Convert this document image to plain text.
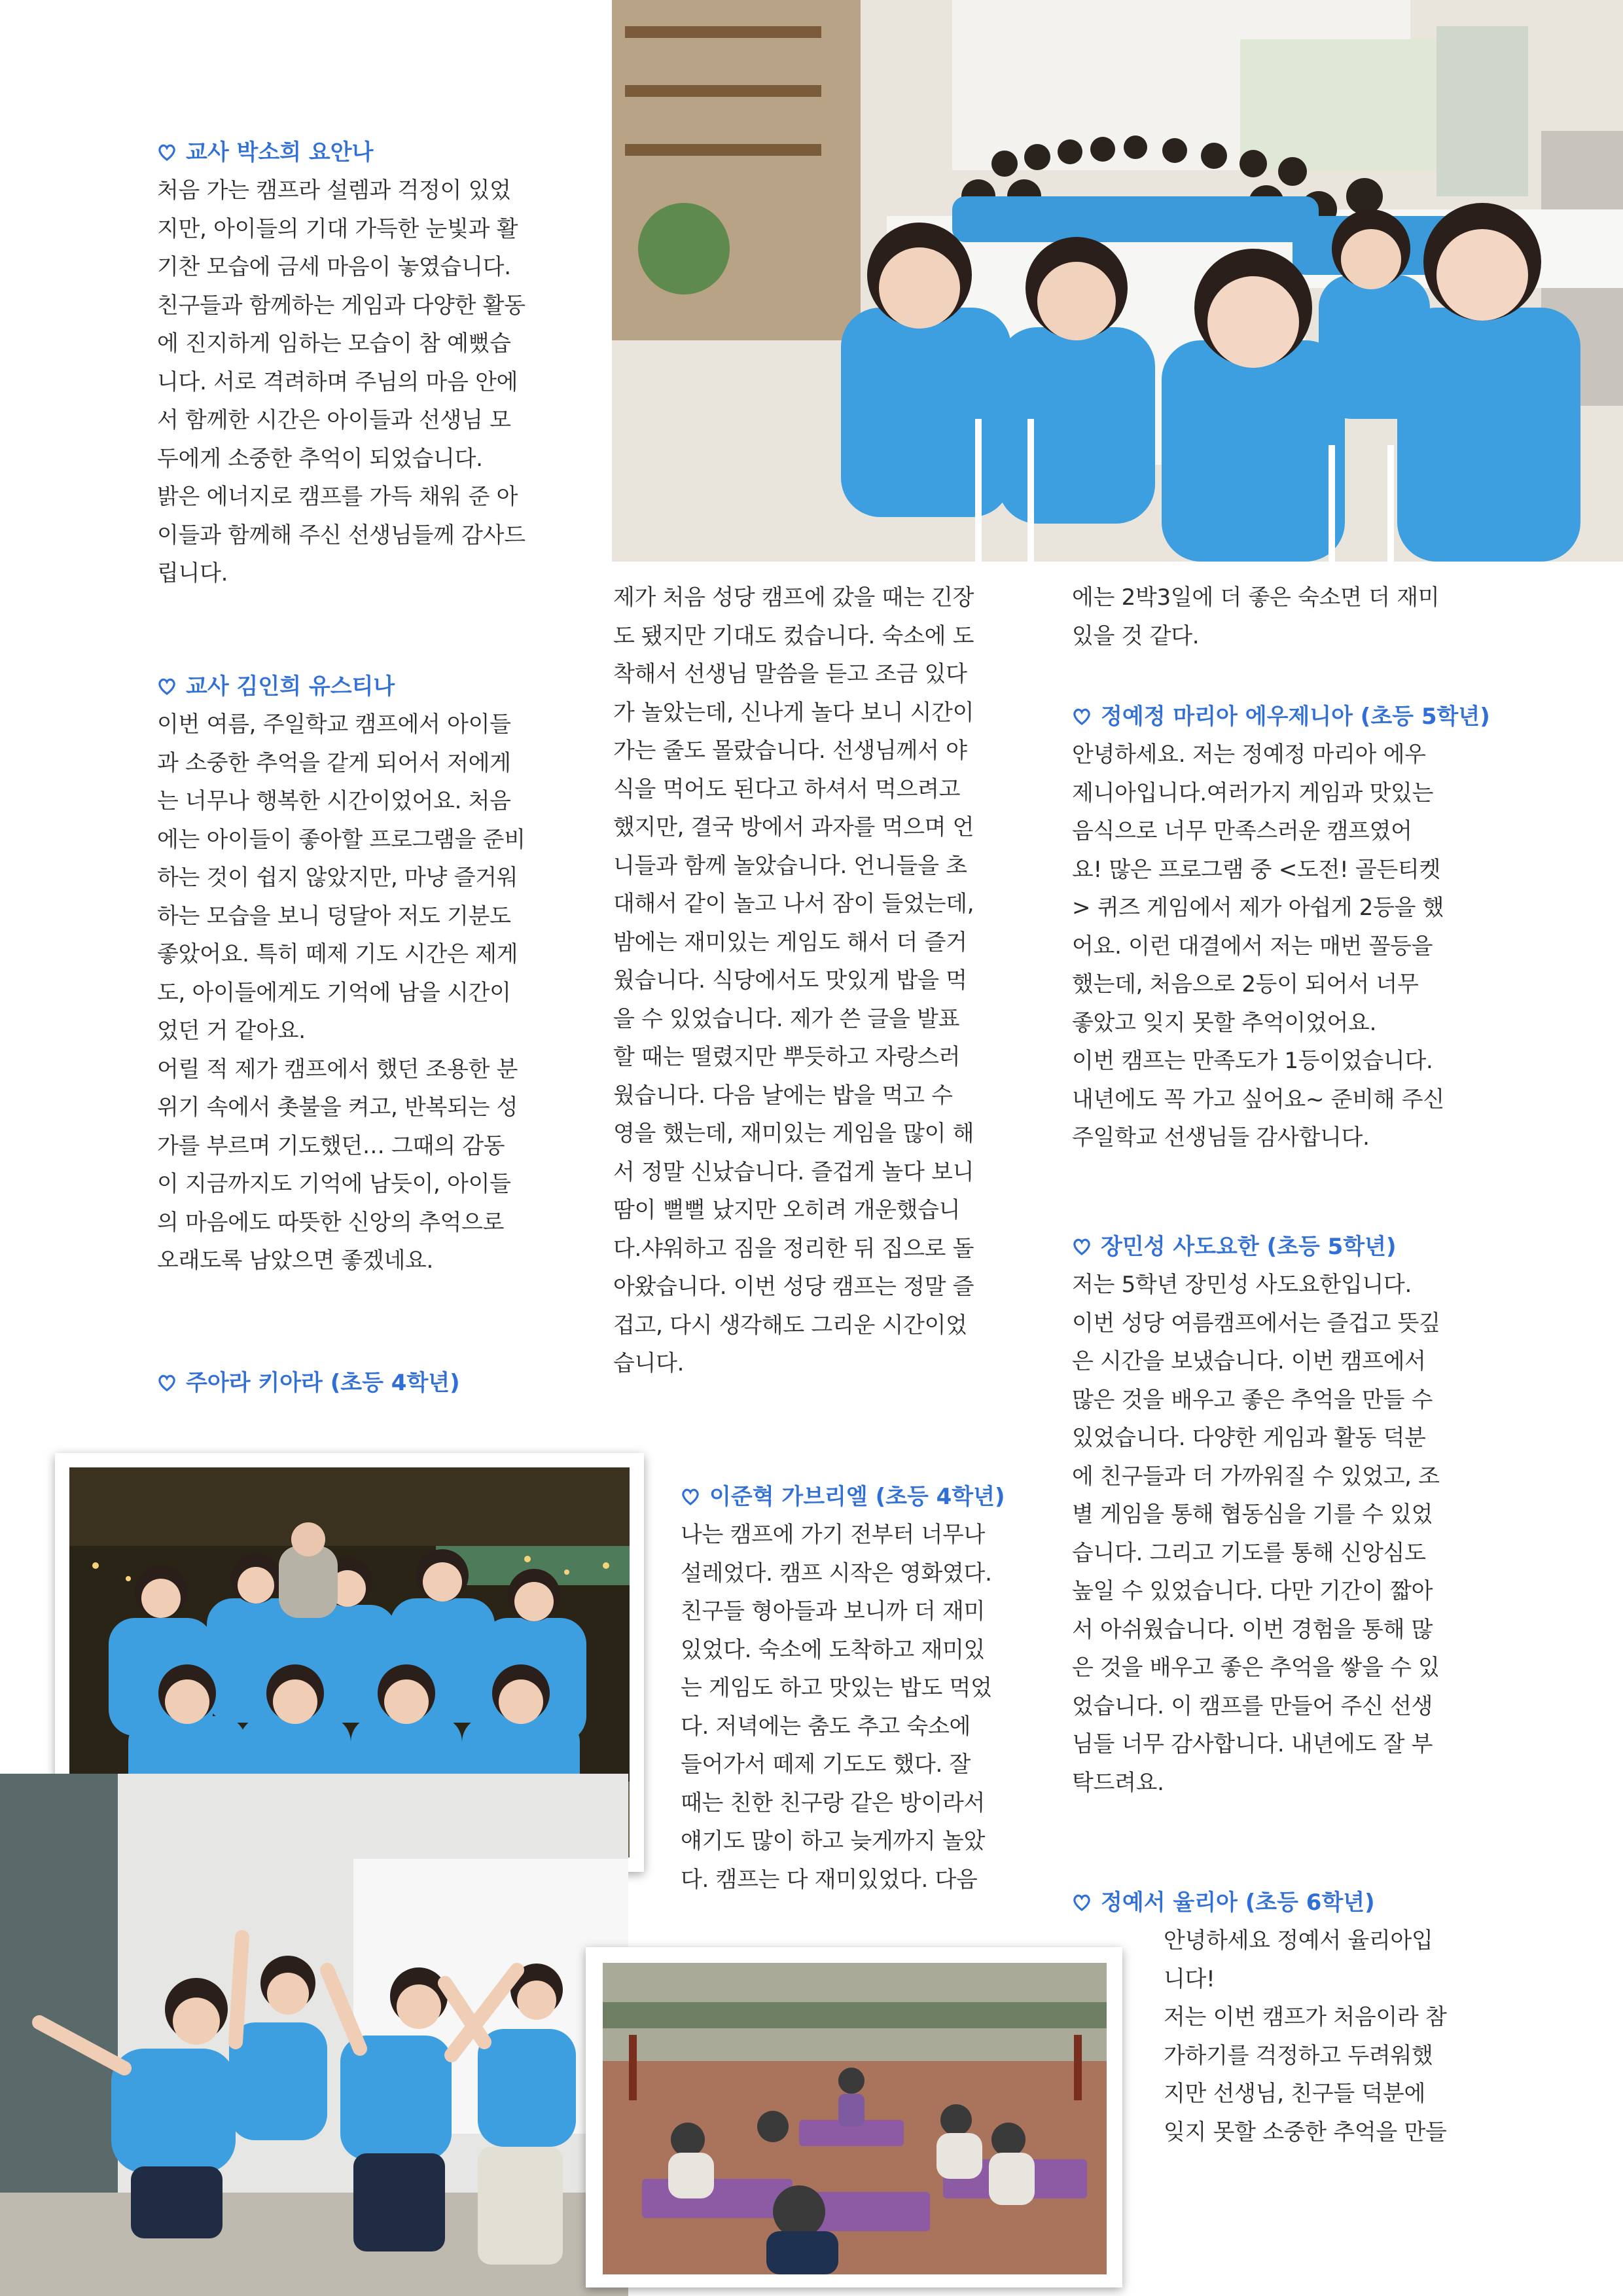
교사 박소희 요안나

처음 가는 캠프라 설렘과 걱정이 있었
지만, 아이들의 기대 가득한 눈빛과 활
기찬 모습에 금세 마음이 놓였습니다.
친구들과 함께하는 게임과 다양한 활동
에 진지하게 임하는 모습이 참 예뻤습
니다. 서로 격려하며 주님의 마음 안에
서 함께한 시간은 아이들과 선생님 모
두에게 소중한 추억이 되었습니다.
밝은 에너지로 캠프를 가득 채워 준 아
이들과 함께해 주신 선생님들께 감사드
립니다.

교사 김인희 유스티나

이번 여름, 주일학교 캠프에서 아이들
과 소중한 추억을 같게 되어서 저에게
는 너무나 행복한 시간이었어요. 처음
에는 아이들이 좋아할 프로그램을 준비
하는 것이 쉽지 않았지만, 마냥 즐거워
하는 모습을 보니 덩달아 저도 기분도
좋았어요. 특히 떼제 기도 시간은 제게
도, 아이들에게도 기억에 남을 시간이
었던 거 같아요.
어릴 적 제가 캠프에서 했던 조용한 분
위기 속에서 촛불을 켜고, 반복되는 성
가를 부르며 기도했던… 그때의 감동
이 지금까지도 기억에 남듯이, 아이들
의 마음에도 따뜻한 신앙의 추억으로
오래도록 남았으면 좋겠네요.

주아라 키아라 (초등 4학년)

제가 처음 성당 캠프에 갔을 때는 긴장
도 됐지만 기대도 컸습니다. 숙소에 도
착해서 선생님 말씀을 듣고 조금 있다
가 놀았는데, 신나게 놀다 보니 시간이
가는 줄도 몰랐습니다. 선생님께서 야
식을 먹어도 된다고 하셔서 먹으려고
했지만, 결국 방에서 과자를 먹으며 언
니들과 함께 놀았습니다. 언니들을 초
대해서 같이 놀고 나서 잠이 들었는데,
밤에는 재미있는 게임도 해서 더 즐거
웠습니다. 식당에서도 맛있게 밥을 먹
을 수 있었습니다. 제가 쓴 글을 발표
할 때는 떨렸지만 뿌듯하고 자랑스러
웠습니다. 다음 날에는 밥을 먹고 수
영을 했는데, 재미있는 게임을 많이 해
서 정말 신났습니다. 즐겁게 놀다 보니
땀이 뻘뻘 났지만 오히려 개운했습니
다.샤워하고 짐을 정리한 뒤 집으로 돌
아왔습니다. 이번 성당 캠프는 정말 즐
겁고, 다시 생각해도 그리운 시간이었
습니다.

이준혁 가브리엘 (초등 4학년)

나는 캠프에 가기 전부터 너무나
설레었다. 캠프 시작은 영화였다.
친구들 형아들과 보니까 더 재미
있었다. 숙소에 도착하고 재미있
는 게임도 하고 맛있는 밥도 먹었
다. 저녁에는 춤도 추고 숙소에
들어가서 떼제 기도도 했다. 잘
때는 친한 친구랑 같은 방이라서
얘기도 많이 하고 늦게까지 놀았
다. 캠프는 다 재미있었다. 다음

에는 2박3일에 더 좋은 숙소면 더 재미
있을 것 같다.

정예정 마리아 에우제니아 (초등 5학년)

안녕하세요. 저는 정예정 마리아 에우
제니아입니다.여러가지 게임과 맛있는
음식으로 너무 만족스러운 캠프였어
요! 많은 프로그램 중 <도전! 골든티켓
> 퀴즈 게임에서 제가 아쉽게 2등을 했
어요. 이런 대결에서 저는 매번 꼴등을
했는데, 처음으로 2등이 되어서 너무
좋았고 잊지 못할 추억이었어요.
이번 캠프는 만족도가 1등이었습니다.
내년에도 꼭 가고 싶어요~ 준비해 주신
주일학교 선생님들 감사합니다.

장민성 사도요한 (초등 5학년)

저는 5학년 장민성 사도요한입니다.
이번 성당 여름캠프에서는 즐겁고 뜻깊
은 시간을 보냈습니다. 이번 캠프에서
많은 것을 배우고 좋은 추억을 만들 수
있었습니다. 다양한 게임과 활동 덕분
에 친구들과 더 가까워질 수 있었고, 조
별 게임을 통해 협동심을 기를 수 있었
습니다. 그리고 기도를 통해 신앙심도
높일 수 있었습니다. 다만 기간이 짧아
서 아쉬웠습니다. 이번 경험을 통해 많
은 것을 배우고 좋은 추억을 쌓을 수 있
었습니다. 이 캠프를 만들어 주신 선생
님들 너무 감사합니다. 내년에도 잘 부
탁드려요.

정예서 율리아 (초등 6학년)

안녕하세요 정예서 율리아입
니다!
저는 이번 캠프가 처음이라 참
가하기를 걱정하고 두려워했
지만 선생님, 친구들 덕분에
잊지 못할 소중한 추억을 만들
